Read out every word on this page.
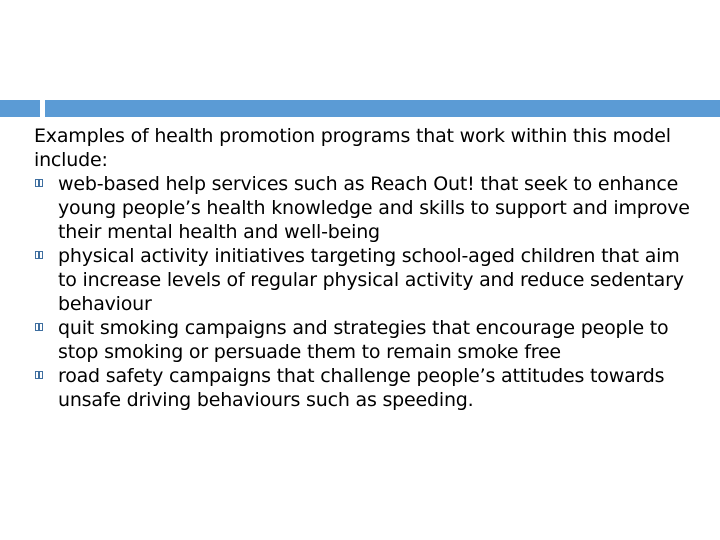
Examples of health promotion programs that work within this model include:

web-based help services such as Reach Out! that seek to enhance young people’s health knowledge and skills to support and improve their mental health and well-being
physical activity initiatives targeting school-aged children that aim to increase levels of regular physical activity and reduce sedentary behaviour
quit smoking campaigns and strategies that encourage people to stop smoking or persuade them to remain smoke free
road safety campaigns that challenge people’s attitudes towards unsafe driving behaviours such as speeding.
